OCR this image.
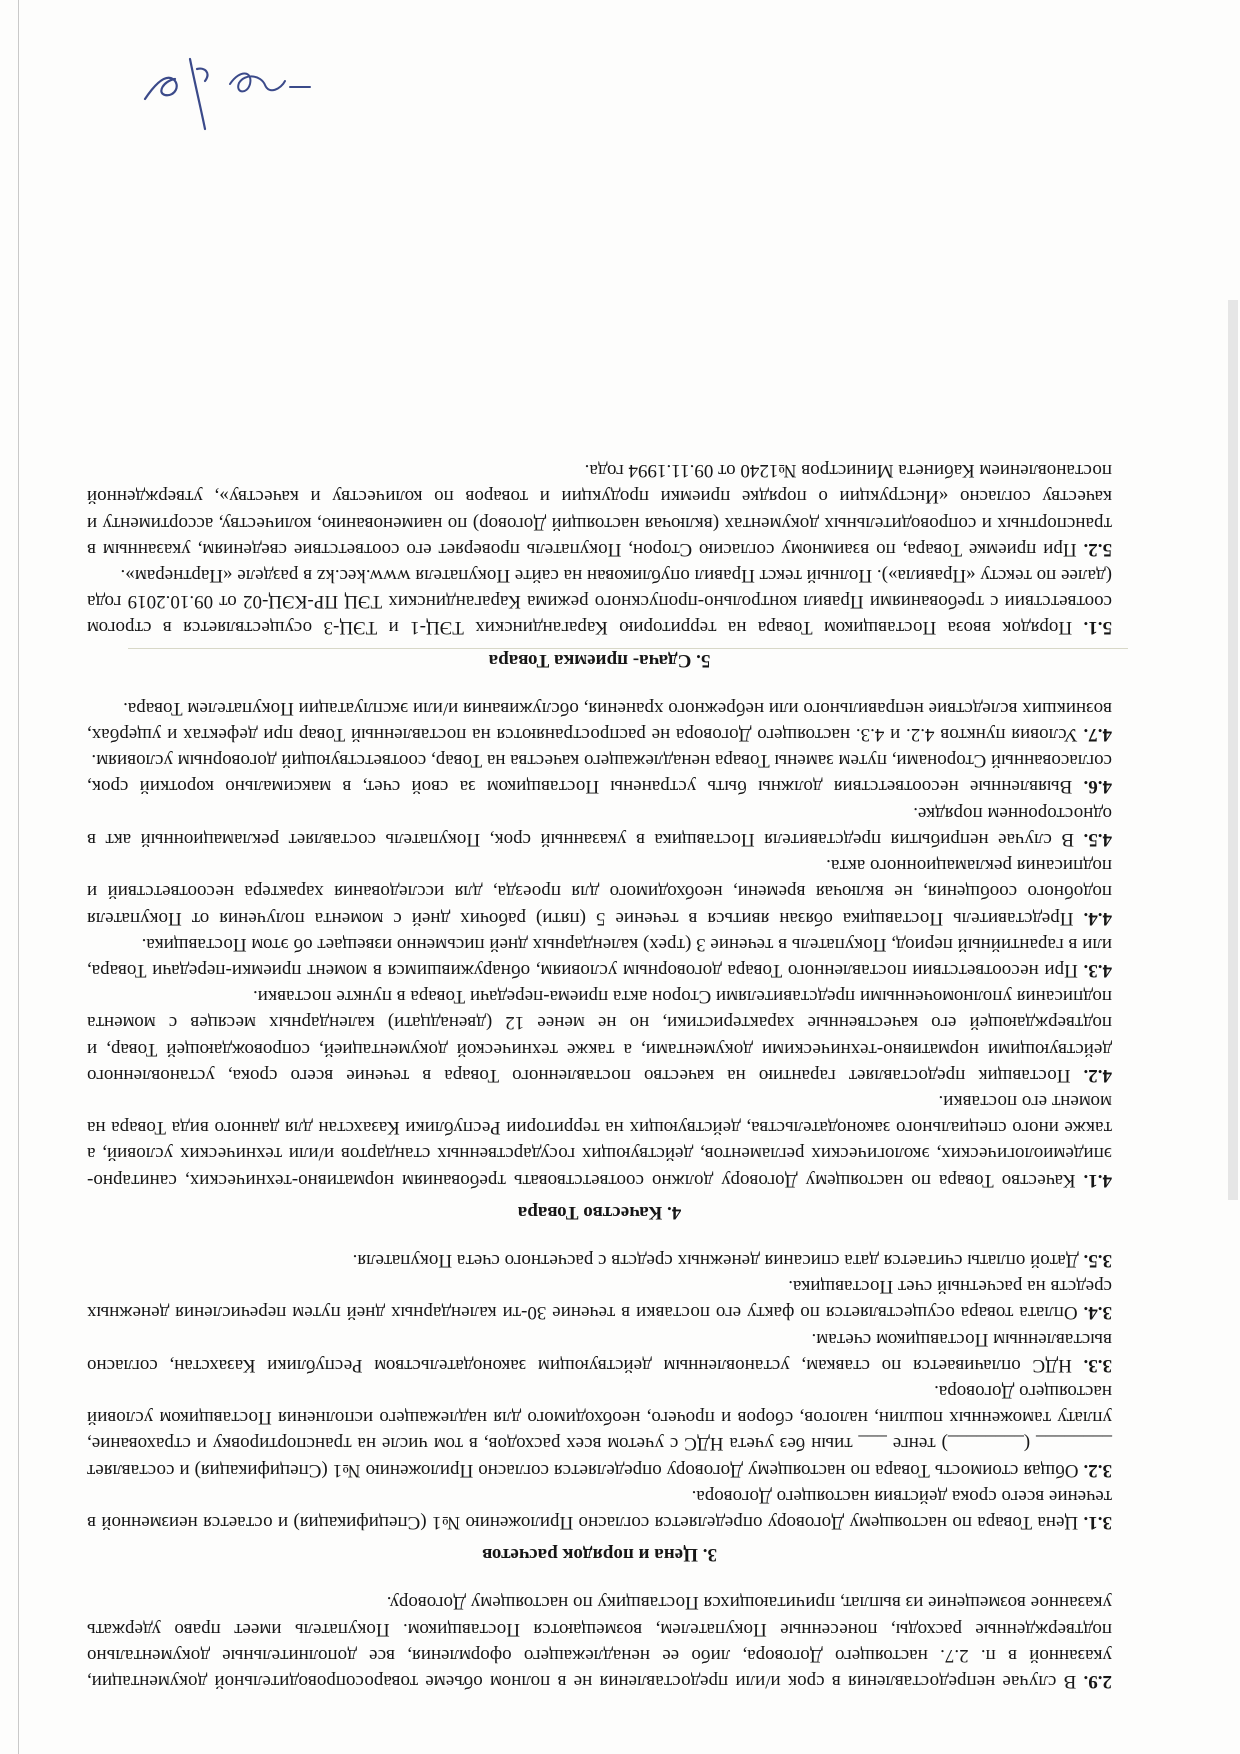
2.9. В случае непредоставления в срок и/или предоставления не в полном объеме товаросопроводительной документации, указанной в п. 2.7. настоящего Договора, либо ее ненадлежащего оформления, все дополнительные документально подтвержденные расходы, понесенные Покупателем, возмещаются Поставщиком. Покупатель имеет право удержать указанное возмещение из выплат, причитающихся Поставщику по настоящему Договору.

3. Цена и порядок расчетов

3.1. Цена Товара по настоящему Договору определяется согласно Приложению №1 (Спецификация) и остается неизменной в течение всего срока действия настоящего Договора.

3.2. Общая стоимость Товара по настоящему Договору определяется согласно Приложению №1 (Спецификация) и составляет ________ (________) тенге ___ тиын без учета НДС с учетом всех расходов, в том числе на транспортировку и страхование, уплату таможенных пошлин, налогов, сборов и прочего, необходимого для надлежащего исполнения Поставщиком условий настоящего Договора.

3.3. НДС оплачивается по ставкам, установленным действующим законодательством Республики Казахстан, согласно выставленным Поставщиком счетам.

3.4. Оплата товара осуществляется по факту его поставки в течение 30-ти календарных дней путем перечисления денежных средств на расчетный счет Поставщика.

3.5. Датой оплаты считается дата списания денежных средств с расчетного счета Покупателя.

4. Качество Товара

4.1. Качество Товара по настоящему Договору должно соответствовать требованиям нормативно-технических, санитарно-эпидемиологических, экологических регламентов, действующих государственных стандартов и/или технических условий, а также иного специального законодательства, действующих на территории Республики Казахстан для данного вида Товара на момент его поставки.

4.2. Поставщик предоставляет гарантию на качество поставленного Товара в течение всего срока, установленного действующими нормативно-техническими документами, а также технической документацией, сопровождающей Товар, и подтверждающей его качественные характеристики, но не менее 12 (двенадцати) календарных месяцев с момента подписания уполномоченными представителями Сторон акта приема-передачи Товара в пункте поставки.

4.3. При несоответствии поставленного Товара договорным условиям, обнаружившимся в момент приемки-передачи Товара, или в гарантийный период, Покупатель в течение 3 (трех) календарных дней письменно извещает об этом Поставщика.

4.4. Представитель Поставщика обязан явиться в течение 5 (пяти) рабочих дней с момента получения от Покупателя подобного сообщения, не включая времени, необходимого для проезда, для исследования характера несоответствий и подписания рекламационного акта.

4.5. В случае неприбытия представителя Поставщика в указанный срок, Покупатель составляет рекламационный акт в одностороннем порядке.

4.6. Выявленные несоответствия должны быть устранены Поставщиком за свой счет, в максимально короткий срок, согласованный Сторонами, путем замены Товара ненадлежащего качества на Товар, соответствующий договорным условиям.

4.7. Условия пунктов 4.2. и 4.3. настоящего Договора не распространяются на поставленный Товар при дефектах и ущербах, возникших вследствие неправильного или небрежного хранения, обслуживания и/или эксплуатации Покупателем Товара.

5. Сдача- приемка Товара

5.1. Порядок ввоза Поставщиком Товара на территорию Карагандинских ТЭЦ-1 и ТЭЦ-3 осуществляется в строгом соответствии с требованиями Правил контрольно-пропускного режима Карагандинских ТЭЦ ПР-КЭЦ-02 от 09.10.2019 года (далее по тексту «Правила»). Полный текст Правил опубликован на сайте Покупателя www.kec.kz в разделе «Партнерам».

5.2. При приемке Товара, по взаимному согласию Сторон, Покупатель проверяет его соответствие сведениям, указанным в транспортных и сопроводительных документах (включая настоящий Договор) по наименованию, количеству, ассортименту и качеству согласно «Инструкции о порядке приемки продукции и товаров по количеству и качеству», утвержденной постановлением Кабинета Министров №1240 от 09.11.1994 года.
